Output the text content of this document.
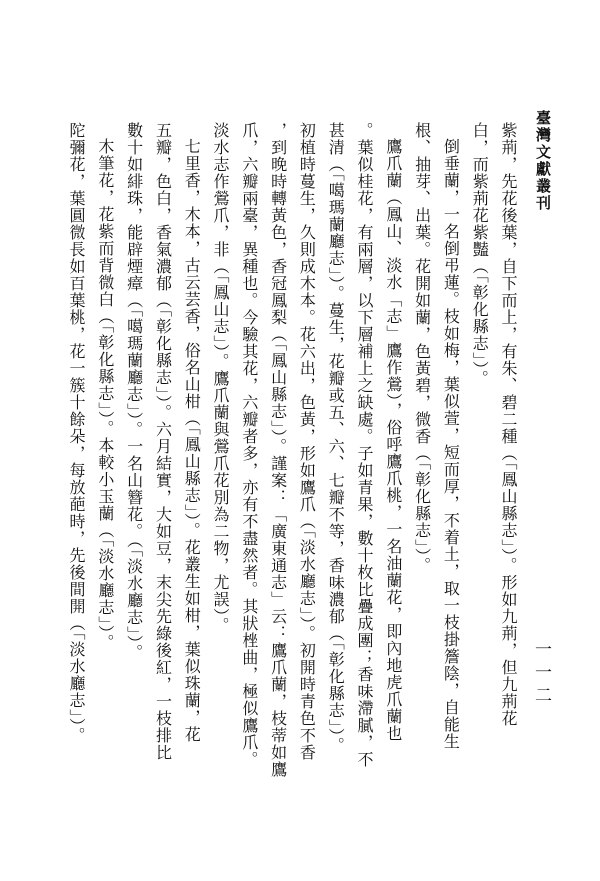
臺灣文獻叢刊
紫荊，先花後葉，自下而上，有朱、碧二種（「鳳山縣志」）。形如九荊，但九荊花
白，而紫荊花紫豔（「彰化縣志」）。
倒垂蘭，一名倒弔蓮。枝如梅，葉似萱，短而厚，不着土，取一枝掛簷陰，自能生
根、抽芽、出葉。花開如蘭，色黃碧，微香（「彰化縣志」）。
鷹爪蘭（鳳山、淡水「志」鷹作鶯），俗呼鷹爪桃，一名油蘭花，即內地虎爪蘭也
。葉似桂花，有兩層，以下層補上之缺處。子如青果，數十枚比疊成團；香味滯膩，不
甚清（「噶瑪蘭廳志」）。蔓生，花瓣或五、六、七瓣不等，香味濃郁（「彰化縣志」）。
初植時蔓生，久則成木本。花六出，色黃，形如鷹爪（「淡水廳志」）。初開時青色不香
，到晚時轉黃色，香冠鳳梨（「鳳山縣志」）。謹案：「廣東通志」云：鷹爪蘭，枝蒂如鷹
爪，六瓣兩臺，異種也。今驗其花，六瓣者多，亦有不盡然者。其狀㭫曲，極似鷹爪。
淡水志作鶯爪，非（「鳳山志」）。鷹爪蘭與鶯爪花別為二物，尤誤）。
七里香，木本，古云芸香，俗名山柑（「鳳山縣志」）。花叢生如柑，葉似珠蘭，花
五瓣，色白，香氣濃郁（「彰化縣志」）。六月結實，大如豆，末尖先綠後紅，一枝排比
數十如緋珠，能辟煙瘴（「噶瑪蘭廳志」）。一名山簪花。（「淡水廳志」）。
木筆花，花紫而背微白（「彰化縣志」）。本較小玉蘭（「淡水廳志」）。
陀彌花，葉圓微長如百葉桃，花一簇十餘朵，每放葩時，先後間開（「淡水廳志」）。	一一二
